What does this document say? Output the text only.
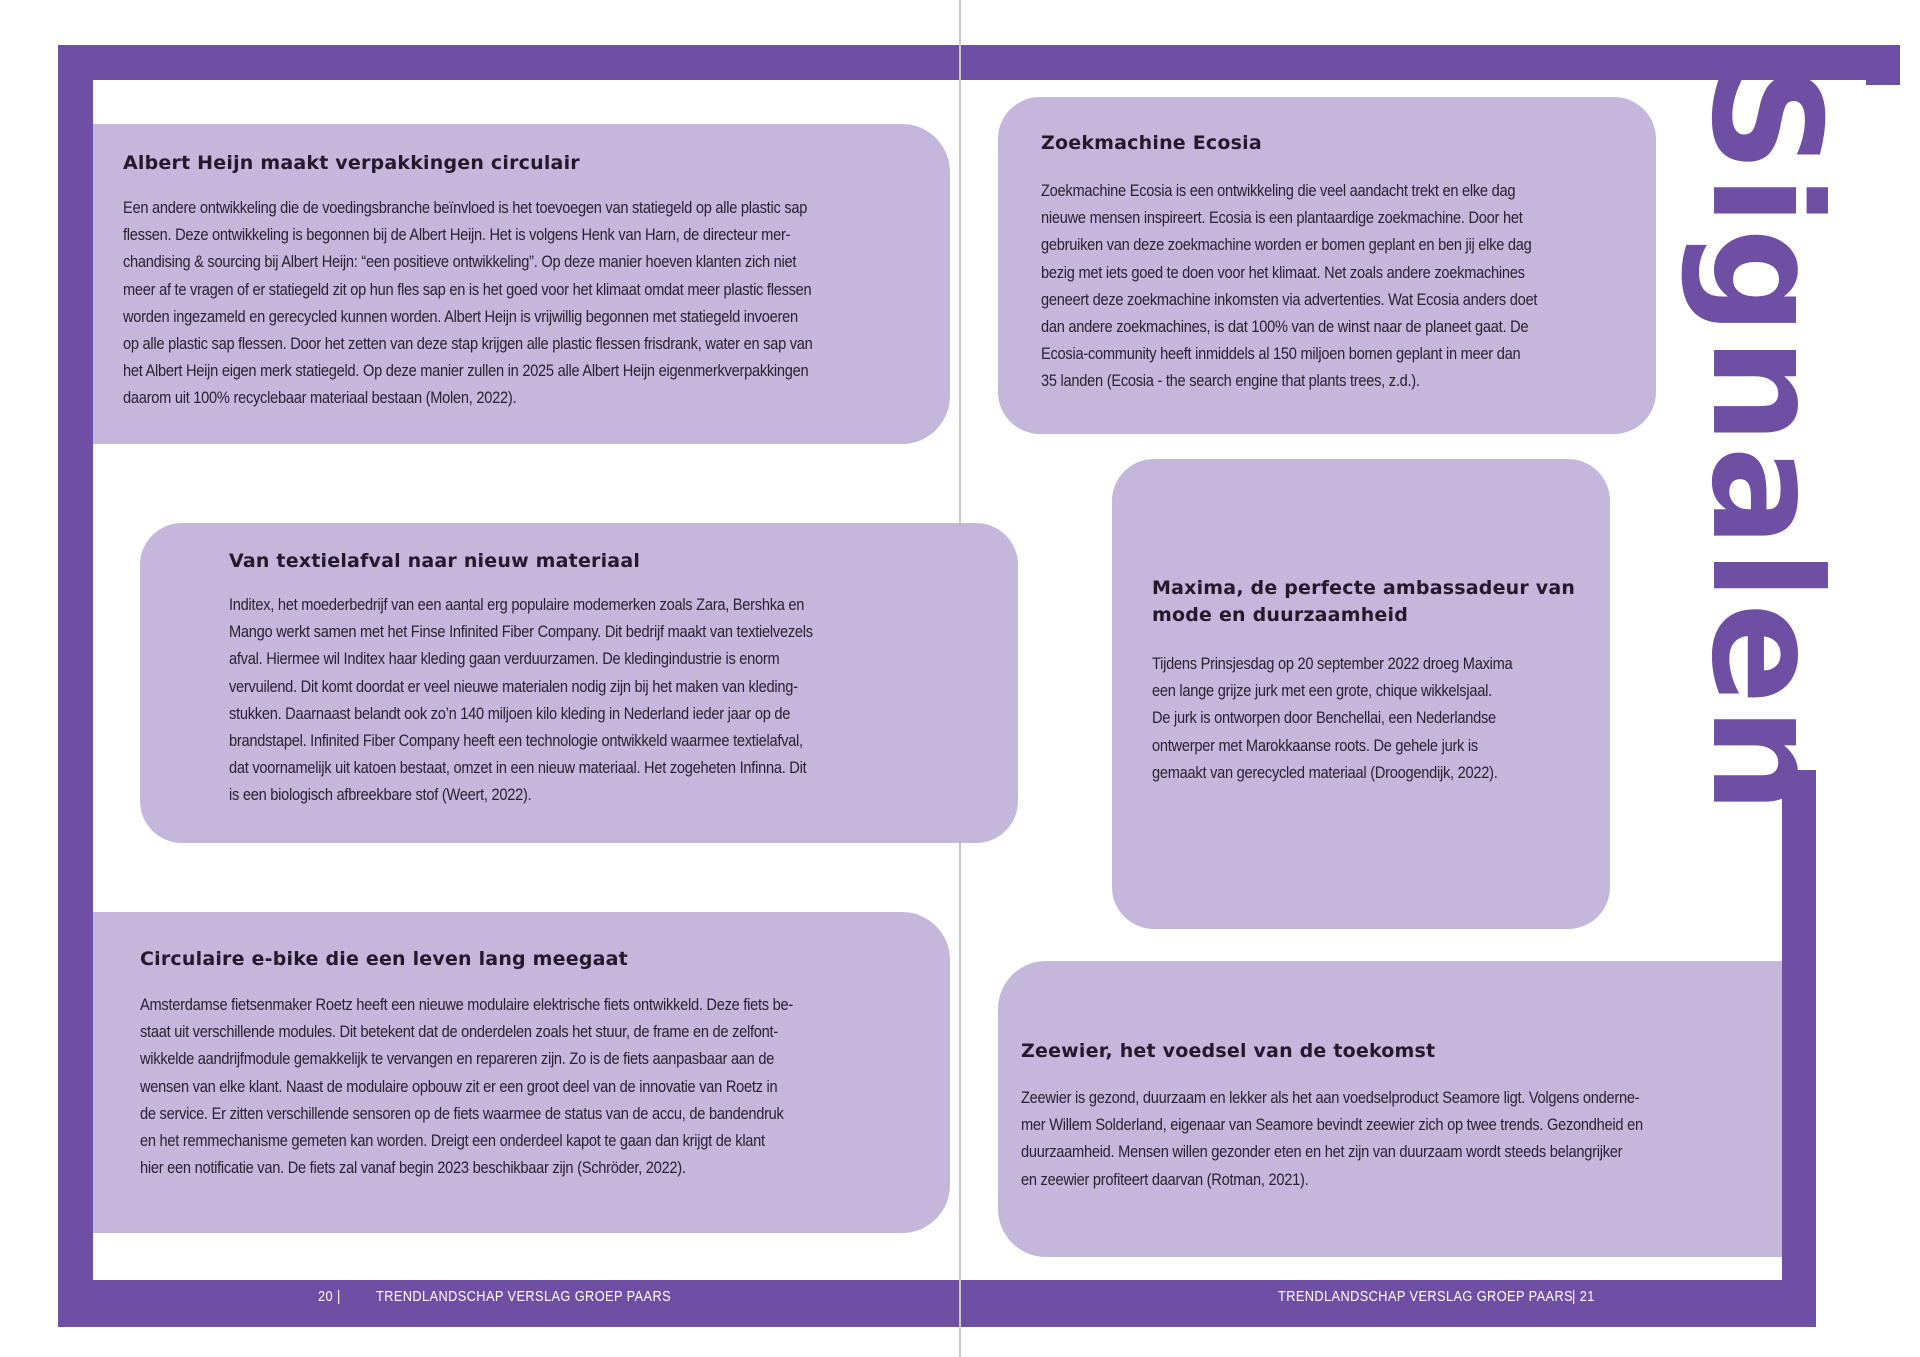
Signalen
Albert Heijn maakt verpakkingen circulair

Een andere ontwikkeling die de voedingsbranche beïnvloed is het toevoegen van statiegeld op alle plastic sap
flessen. Deze ontwikkeling is begonnen bij de Albert Heijn. Het is volgens Henk van Harn, de directeur mer-
chandising & sourcing bij Albert Heijn: “een positieve ontwikkeling”. Op deze manier hoeven klanten zich niet
meer af te vragen of er statiegeld zit op hun fles sap en is het goed voor het klimaat omdat meer plastic flessen
worden ingezameld en gerecycled kunnen worden. Albert Heijn is vrijwillig begonnen met statiegeld invoeren
op alle plastic sap flessen. Door het zetten van deze stap krijgen alle plastic flessen frisdrank, water en sap van
het Albert Heijn eigen merk statiegeld. Op deze manier zullen in 2025 alle Albert Heijn eigenmerkverpakkingen
daarom uit 100% recyclebaar materiaal bestaan (Molen, 2022).

Van textielafval naar nieuw materiaal

Inditex, het moederbedrijf van een aantal erg populaire modemerken zoals Zara, Bershka en
Mango werkt samen met het Finse Infinited Fiber Company. Dit bedrijf maakt van textielvezels
afval. Hiermee wil Inditex haar kleding gaan verduurzamen. De kledingindustrie is enorm
vervuilend. Dit komt doordat er veel nieuwe materialen nodig zijn bij het maken van kleding-
stukken. Daarnaast belandt ook zo’n 140 miljoen kilo kleding in Nederland ieder jaar op de
brandstapel. Infinited Fiber Company heeft een technologie ontwikkeld waarmee textielafval,
dat voornamelijk uit katoen bestaat, omzet in een nieuw materiaal. Het zogeheten Infinna. Dit
is een biologisch afbreekbare stof (Weert, 2022).

Circulaire e-bike die een leven lang meegaat

Amsterdamse fietsenmaker Roetz heeft een nieuwe modulaire elektrische fiets ontwikkeld. Deze fiets be-
staat uit verschillende modules. Dit betekent dat de onderdelen zoals het stuur, de frame en de zelfont-
wikkelde aandrijfmodule gemakkelijk te vervangen en repareren zijn. Zo is de fiets aanpasbaar aan de
wensen van elke klant. Naast de modulaire opbouw zit er een groot deel van de innovatie van Roetz in
de service. Er zitten verschillende sensoren op de fiets waarmee de status van de accu, de bandendruk
en het remmechanisme gemeten kan worden. Dreigt een onderdeel kapot te gaan dan krijgt de klant
hier een notificatie van. De fiets zal vanaf begin 2023 beschikbaar zijn (Schröder, 2022).

Zoekmachine Ecosia

Zoekmachine Ecosia is een ontwikkeling die veel aandacht trekt en elke dag
nieuwe mensen inspireert. Ecosia is een plantaardige zoekmachine. Door het
gebruiken van deze zoekmachine worden er bomen geplant en ben jij elke dag
bezig met iets goed te doen voor het klimaat. Net zoals andere zoekmachines
geneert deze zoekmachine inkomsten via advertenties. Wat Ecosia anders doet
dan andere zoekmachines, is dat 100% van de winst naar de planeet gaat. De
Ecosia-community heeft inmiddels al 150 miljoen bomen geplant in meer dan
35 landen (Ecosia - the search engine that plants trees, z.d.).

Maxima, de perfecte ambassadeur van
mode en duurzaamheid

Tijdens Prinsjesdag op 20 september 2022 droeg Maxima
een lange grijze jurk met een grote, chique wikkelsjaal.
De jurk is ontworpen door Benchellai, een Nederlandse
ontwerper met Marokkaanse roots. De gehele jurk is
gemaakt van gerecycled materiaal (Droogendijk, 2022).

Zeewier, het voedsel van de toekomst

Zeewier is gezond, duurzaam en lekker als het aan voedselproduct Seamore ligt. Volgens onderne-
mer Willem Solderland, eigenaar van Seamore bevindt zeewier zich op twee trends. Gezondheid en
duurzaamheid. Mensen willen gezonder eten en het zijn van duurzaam wordt steeds belangrijker
en zeewier profiteert daarvan (Rotman, 2021).

20 | TRENDLANDSCHAP VERSLAG GROEP PAARS	TRENDLANDSCHAP VERSLAG GROEP PAARS
| 21
